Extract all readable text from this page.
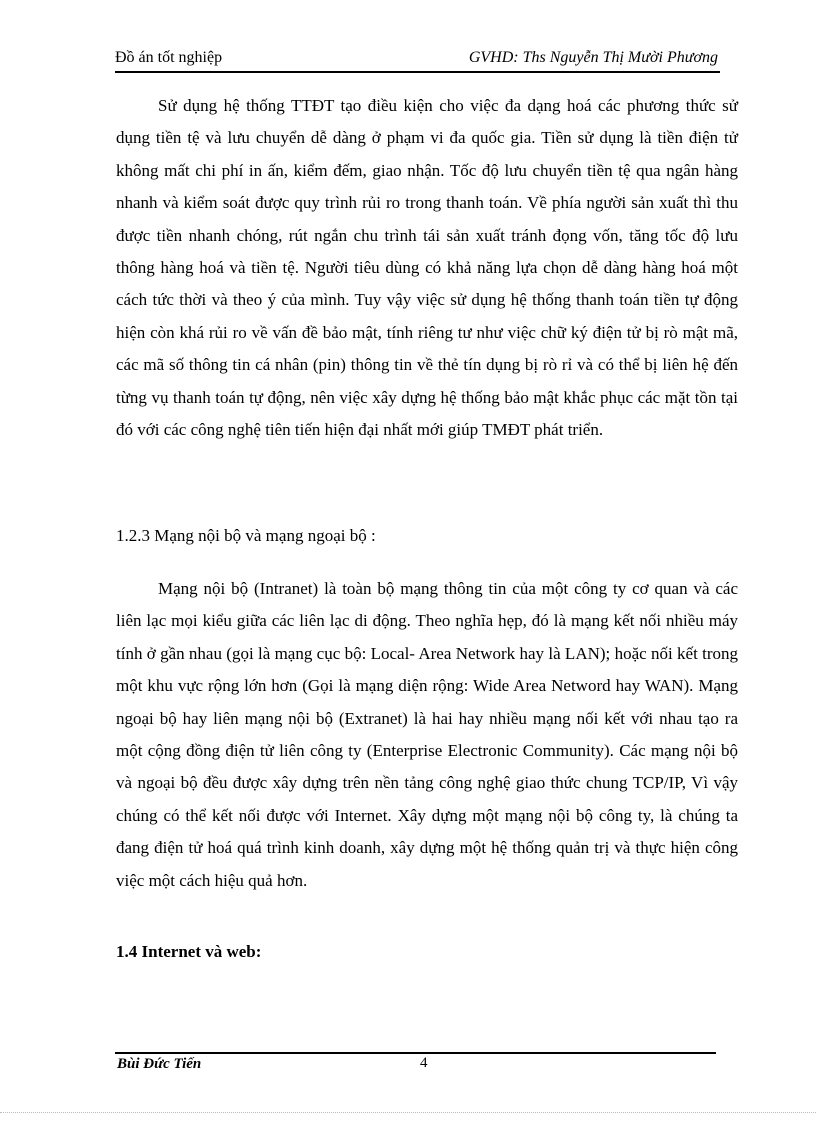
Đồ án tốt nghiệp	GVHD: Ths Nguyễn Thị Mười Phương

Sử dụng hệ thống TTĐT tạo điều kiện cho việc đa dạng hoá các phương thức sử dụng tiền tệ và lưu chuyển dễ dàng ở phạm vi đa quốc gia. Tiền sử dụng là tiền điện tử không mất chi phí in ấn, kiểm đếm, giao nhận. Tốc độ lưu chuyển tiền tệ qua ngân hàng nhanh và kiểm soát được quy trình rủi ro trong thanh toán. Về phía người sản xuất thì thu được tiền nhanh chóng, rút ngắn chu trình tái sản xuất tránh đọng vốn, tăng tốc độ lưu thông hàng hoá và tiền tệ. Người tiêu dùng có khả năng lựa chọn dễ dàng hàng hoá một cách tức thời và theo ý của mình. Tuy vậy việc sử dụng hệ thống thanh toán tiền tự động hiện còn khá rủi ro về vấn đề bảo mật, tính riêng tư như việc chữ ký điện tử bị rò mật mã, các mã số thông tin cá nhân (pin) thông tin về thẻ tín dụng bị rò rỉ và có thể bị liên hệ đến từng vụ thanh toán tự động, nên việc xây dựng hệ thống bảo mật khắc phục các mặt tồn tại đó với các công nghệ tiên tiến hiện đại nhất mới giúp TMĐT phát triển.

1.2.3 Mạng nội bộ và mạng ngoại bộ :

Mạng nội bộ (Intranet) là toàn bộ mạng thông tin của một công ty cơ quan và các liên lạc mọi kiểu giữa các liên lạc di động. Theo nghĩa hẹp, đó là mạng kết nối nhiều máy tính ở gần nhau (gọi là mạng cục bộ: Local- Area Network hay là LAN); hoặc nối kết trong một khu vực rộng lớn hơn (Gọi là mạng diện rộng: Wide Area Netword hay WAN). Mạng ngoại bộ hay liên mạng nội bộ (Extranet) là hai hay nhiều mạng nối kết với nhau tạo ra một cộng đồng điện tử liên công ty (Enterprise Electronic Community). Các mạng nội bộ và ngoại bộ đều được xây dựng trên nền tảng công nghệ giao thức chung TCP/IP, Vì vậy chúng có thể kết nối được với Internet. Xây dựng một mạng nội bộ công ty, là chúng ta đang điện tử hoá quá trình kinh doanh, xây dựng một hệ thống quản trị và thực hiện công việc một cách hiệu quả hơn.

1.4 Internet và web:

Bùi Đức Tiến	4
